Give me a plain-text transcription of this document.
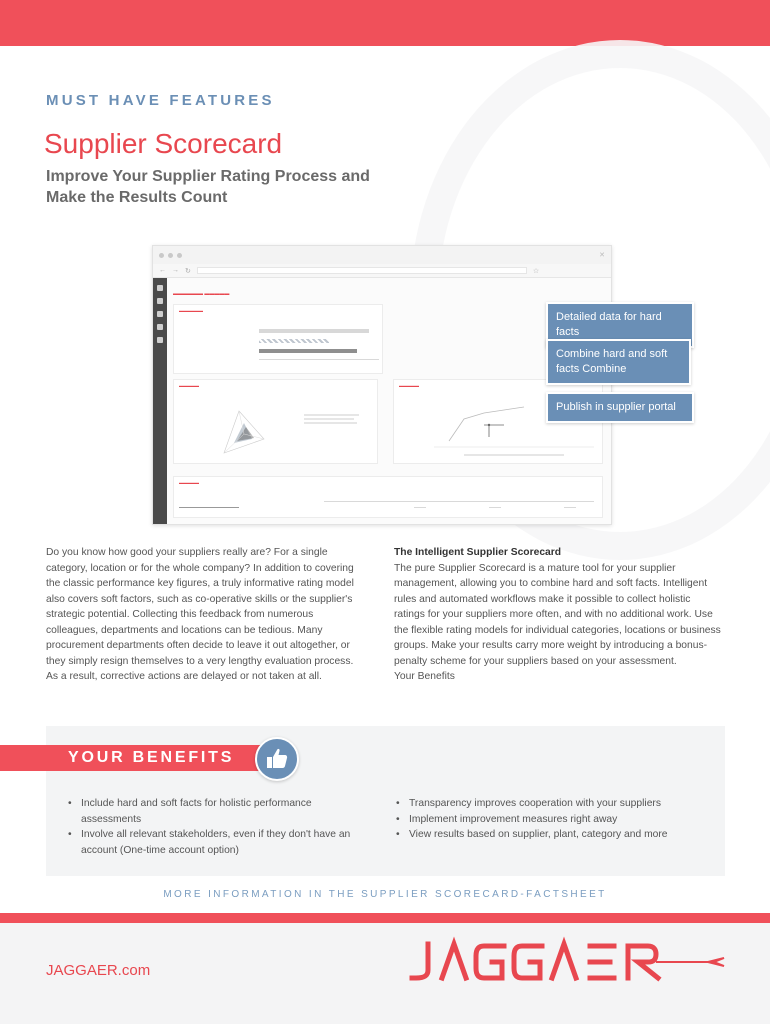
MUST HAVE FEATURES
Supplier Scorecard
Improve Your Supplier Rating Process and Make the Results Count
✕
← → ↻	☆
▬▬▬▬▬▬ ▬▬▬▬▬
▬▬▬▬▬▬
▬▬▬▬▬	▬▬▬▬▬
▬▬▬▬▬
Detailed data for hard facts
Combine hard and soft facts Combine
Publish in supplier portal
Do you know how good your suppliers really are? For a single category, location or for the whole company? In addition to covering the classic performance key figures, a truly informative rating model also covers soft factors, such as co-operative skills or the supplier's strategic potential. Collecting this feedback from numerous colleagues, departments and locations can be tedious. Many procurement departments often decide to leave it out altogether, or they simply resign themselves to a very lengthy evaluation process. As a result, corrective actions are delayed or not taken at all.
The Intelligent Supplier Scorecard

The pure Supplier Scorecard is a mature tool for your supplier management, allowing you to combine hard and soft facts. Intelligent rules and automated workflows make it possible to collect holistic ratings for your suppliers more often, and with no additional work. Use the flexible rating models for individual categories, locations or business groups. Make your results carry more weight by introducing a bonus-penalty scheme for your suppliers based on your assessment.

Your Benefits

YOUR BENEFITS
• Include hard and soft facts for holistic performance assessments
• Involve all relevant stakeholders, even if they don't have an account (One-time account option)
• Transparency improves cooperation with your suppliers
• Implement improvement measures right away
• View results based on supplier, plant, category and more
MORE INFORMATION IN THE SUPPLIER SCORECARD-FACTSHEET
JAGGAER.com
